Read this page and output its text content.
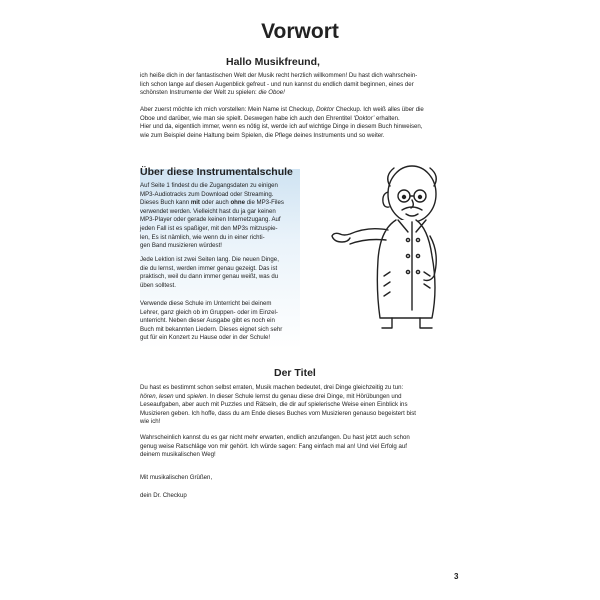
Vorwort
Hallo Musikfreund,

ich heiße dich in der fantastischen Welt der Musik recht herzlich willkommen! Du hast dich wahrschein-
lich schon lange auf diesen Augenblick gefreut - und nun kannst du endlich damit beginnen, eines der
schönsten Instrumente der Welt zu spielen: die Oboe!

Aber zuerst möchte ich mich vorstellen: Mein Name ist Checkup, Doktor Checkup. Ich weiß alles über die
Oboe und darüber, wie man sie spielt. Deswegen habe ich auch den Ehrentitel ‘Doktor’ erhalten.
Hier und da, eigentlich immer, wenn es nötig ist, werde ich auf wichtige Dinge in diesem Buch hinweisen,
wie zum Beispiel deine Haltung beim Spielen, die Pflege deines Instruments und so weiter.

Über diese Instrumentalschule

Auf Seite 1 findest du die Zugangsdaten zu einigen
MP3-Audiotracks zum Download oder Streaming.
Dieses Buch kann mit oder auch ohne die MP3-Files
verwendet werden. Vielleicht hast du ja gar keinen
MP3-Player oder gerade keinen Internetzugang. Auf
jeden Fall ist es spaßiger, mit den MP3s mitzuspie-
len, Es ist nämlich, wie wenn du in einer richti-
gen Band musizieren würdest!

Jede Lektion ist zwei Seiten lang. Die neuen Dinge,
die du lernst, werden immer genau gezeigt. Das ist
praktisch, weil du dann immer genau weißt, was du
üben solltest.

Verwende diese Schule im Unterricht bei deinem
Lehrer, ganz gleich ob im Gruppen- oder im Einzel-
unterricht. Neben dieser Ausgabe gibt es noch ein
Buch mit bekannten Liedern. Dieses eignet sich sehr
gut für ein Konzert zu Hause oder in der Schule!

Der Titel

Du hast es bestimmt schon selbst erraten, Musik machen bedeutet, drei Dinge gleichzeitig zu tun:
hören, lesen und spielen. In dieser Schule lernst du genau diese drei Dinge, mit Hörübungen und
Leseaufgaben, aber auch mit Puzzles und Rätseln, die dir auf spielerische Weise einen Einblick ins
Musizieren geben. Ich hoffe, dass du am Ende dieses Buches vom Musizieren genauso begeistert bist
wie ich!

Wahrscheinlich kannst du es gar nicht mehr erwarten, endlich anzufangen. Du hast jetzt auch schon
genug weise Ratschläge von mir gehört. Ich würde sagen: Fang einfach mal an! Und viel Erfolg auf
deinem musikalischen Weg!

Mit musikalischen Grüßen,

dein Dr. Checkup

3
